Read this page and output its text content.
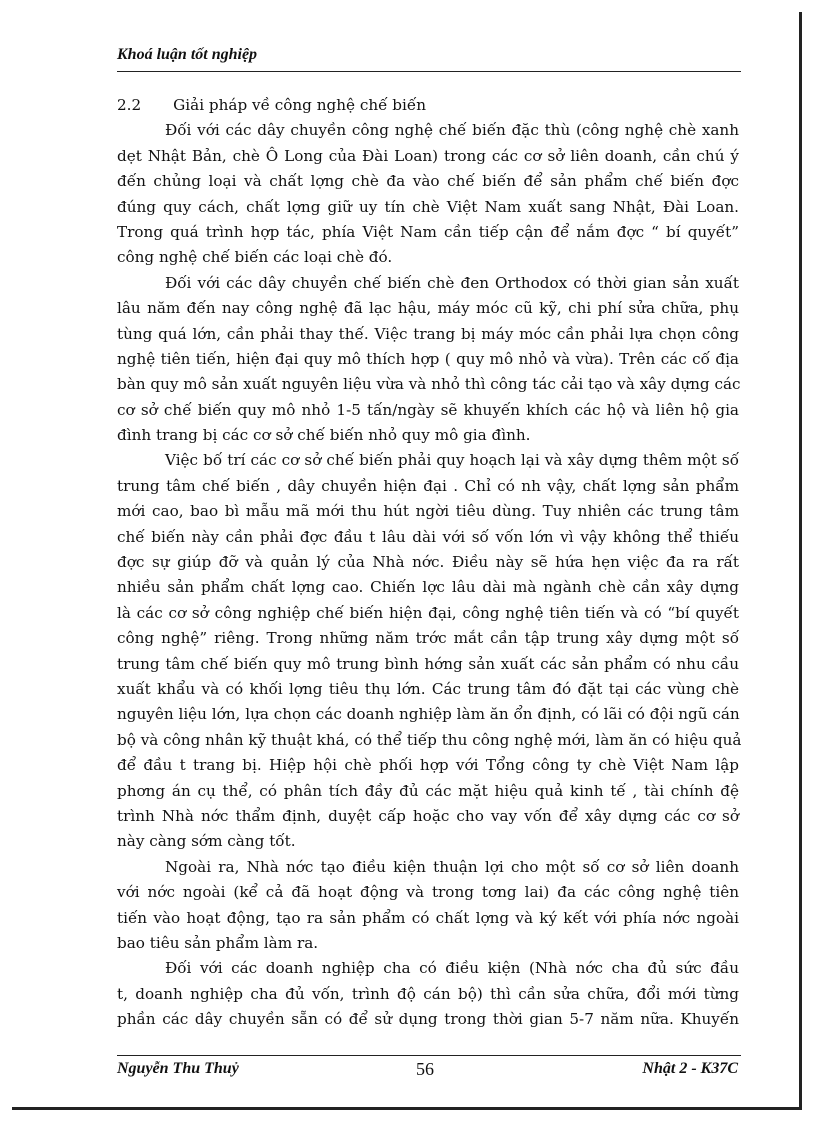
Khoá luận tốt nghiệp
2.2 Giải pháp về công nghệ chế biến
Đối với các dây chuyền công nghệ chế biến đặc thù (công nghệ chè xanh
dẹt Nhật Bản, chè Ô Long của Đài Loan) trong các cơ sở liên doanh, cần chú ý
đến chủng loại và chất lợng chè đa vào chế biến để sản phẩm chế biến đợc
đúng quy cách, chất lợng giữ uy tín chè Việt Nam xuất sang Nhật, Đài Loan.
Trong quá trình hợp tác, phía Việt Nam cần tiếp cận để nắm đợc “ bí quyết”
công nghệ chế biến các loại chè đó.
Đối với các dây chuyền chế biến chè đen Orthodox có thời gian sản xuất
lâu năm đến nay công nghệ đã lạc hậu, máy móc cũ kỹ, chi phí sửa chữa, phụ
tùng quá lớn, cần phải thay thế. Việc trang bị máy móc cần phải lựa chọn công
nghệ tiên tiến, hiện đại quy mô thích hợp ( quy mô nhỏ và vừa). Trên các cố địa
bàn quy mô sản xuất nguyên liệu vừa và nhỏ thì công tác cải tạo và xây dựng các
cơ sở chế biến quy mô nhỏ 1-5 tấn/ngày sẽ khuyến khích các hộ và liên hộ gia
đình trang bị các cơ sở chế biến nhỏ quy mô gia đình.
Việc bố trí các cơ sở chế biến phải quy hoạch lại và xây dựng thêm một số
trung tâm chế biến , dây chuyền hiện đại . Chỉ có nh vậy, chất lợng sản phẩm
mới cao, bao bì mẫu mã mới thu hút ngời tiêu dùng. Tuy nhiên các trung tâm
chế biến này cần phải đợc đầu t lâu dài với số vốn lớn vì vậy không thể thiếu
đợc sự giúp đỡ và quản lý của Nhà nớc. Điều này sẽ hứa hẹn việc đa ra rất
nhiều sản phẩm chất lợng cao. Chiến lợc lâu dài mà ngành chè cần xây dựng
là các cơ sở công nghiệp chế biến hiện đại, công nghệ tiên tiến và có “bí quyết
công nghệ” riêng. Trong những năm trớc mắt cần tập trung xây dựng một số
trung tâm chế biến quy mô trung bình hớng sản xuất các sản phẩm có nhu cầu
xuất khẩu và có khối lợng tiêu thụ lớn. Các trung tâm đó đặt tại các vùng chè
nguyên liệu lớn, lựa chọn các doanh nghiệp làm ăn ổn định, có lãi có đội ngũ cán
bộ và công nhân kỹ thuật khá, có thể tiếp thu công nghệ mới, làm ăn có hiệu quả
để đầu t trang bị. Hiệp hội chè phối hợp với Tổng công ty chè Việt Nam lập
phơng án cụ thể, có phân tích đầy đủ các mặt hiệu quả kinh tế , tài chính đệ
trình Nhà nớc thẩm định, duyệt cấp hoặc cho vay vốn để xây dựng các cơ sở
này càng sớm càng tốt.
Ngoài ra, Nhà nớc tạo điều kiện thuận lợi cho một số cơ sở liên doanh
với nớc ngoài (kể cả đã hoạt động và trong tơng lai) đa các công nghệ tiên
tiến vào hoạt động, tạo ra sản phẩm có chất lợng và ký kết với phía nớc ngoài
bao tiêu sản phẩm làm ra.
Đối với các doanh nghiệp cha có điều kiện (Nhà nớc cha đủ sức đầu
t, doanh nghiệp cha đủ vốn, trình độ cán bộ) thì cần sửa chữa, đổi mới từng
phần các dây chuyền sẵn có để sử dụng trong thời gian 5-7 năm nữa. Khuyến
Nguyễn Thu Thuỷ	56	Nhật 2 - K37C
